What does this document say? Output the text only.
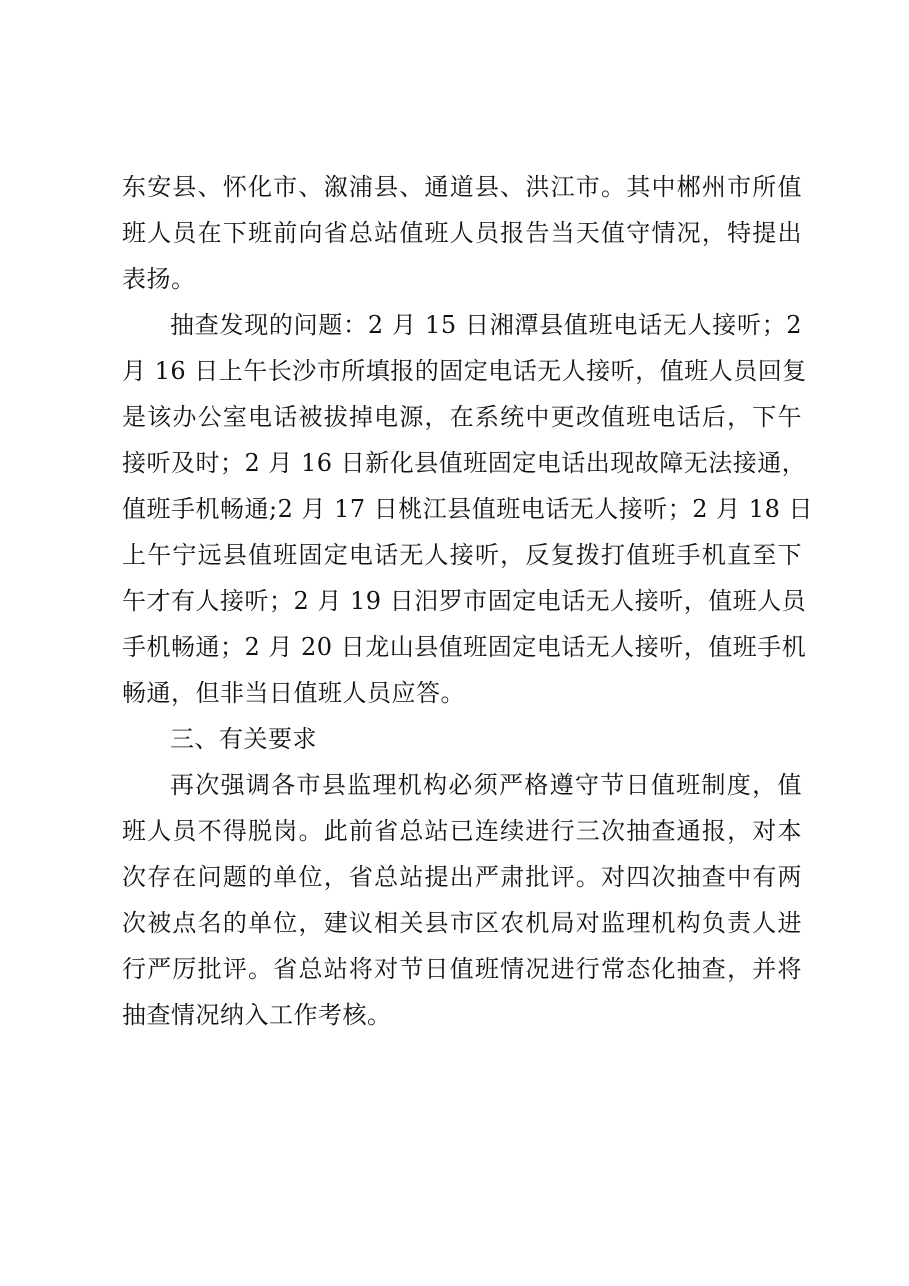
东安县、怀化市、溆浦县、通道县、洪江市。其中郴州市所值
班人员在下班前向省总站值班人员报告当天值守情况，特提出
表扬。
抽查发现的问题：2 月 15 日湘潭县值班电话无人接听；2
月 16 日上午长沙市所填报的固定电话无人接听，值班人员回复
是该办公室电话被拔掉电源，在系统中更改值班电话后，下午
接听及时；2 月 16 日新化县值班固定电话出现故障无法接通，
值班手机畅通;2 月 17 日桃江县值班电话无人接听；2 月 18 日
上午宁远县值班固定电话无人接听，反复拨打值班手机直至下
午才有人接听；2 月 19 日汨罗市固定电话无人接听，值班人员
手机畅通；2 月 20 日龙山县值班固定电话无人接听，值班手机
畅通，但非当日值班人员应答。
三、有关要求
再次强调各市县监理机构必须严格遵守节日值班制度，值
班人员不得脱岗。此前省总站已连续进行三次抽查通报，对本
次存在问题的单位，省总站提出严肃批评。对四次抽查中有两
次被点名的单位，建议相关县市区农机局对监理机构负责人进
行严厉批评。省总站将对节日值班情况进行常态化抽查，并将
抽查情况纳入工作考核。
